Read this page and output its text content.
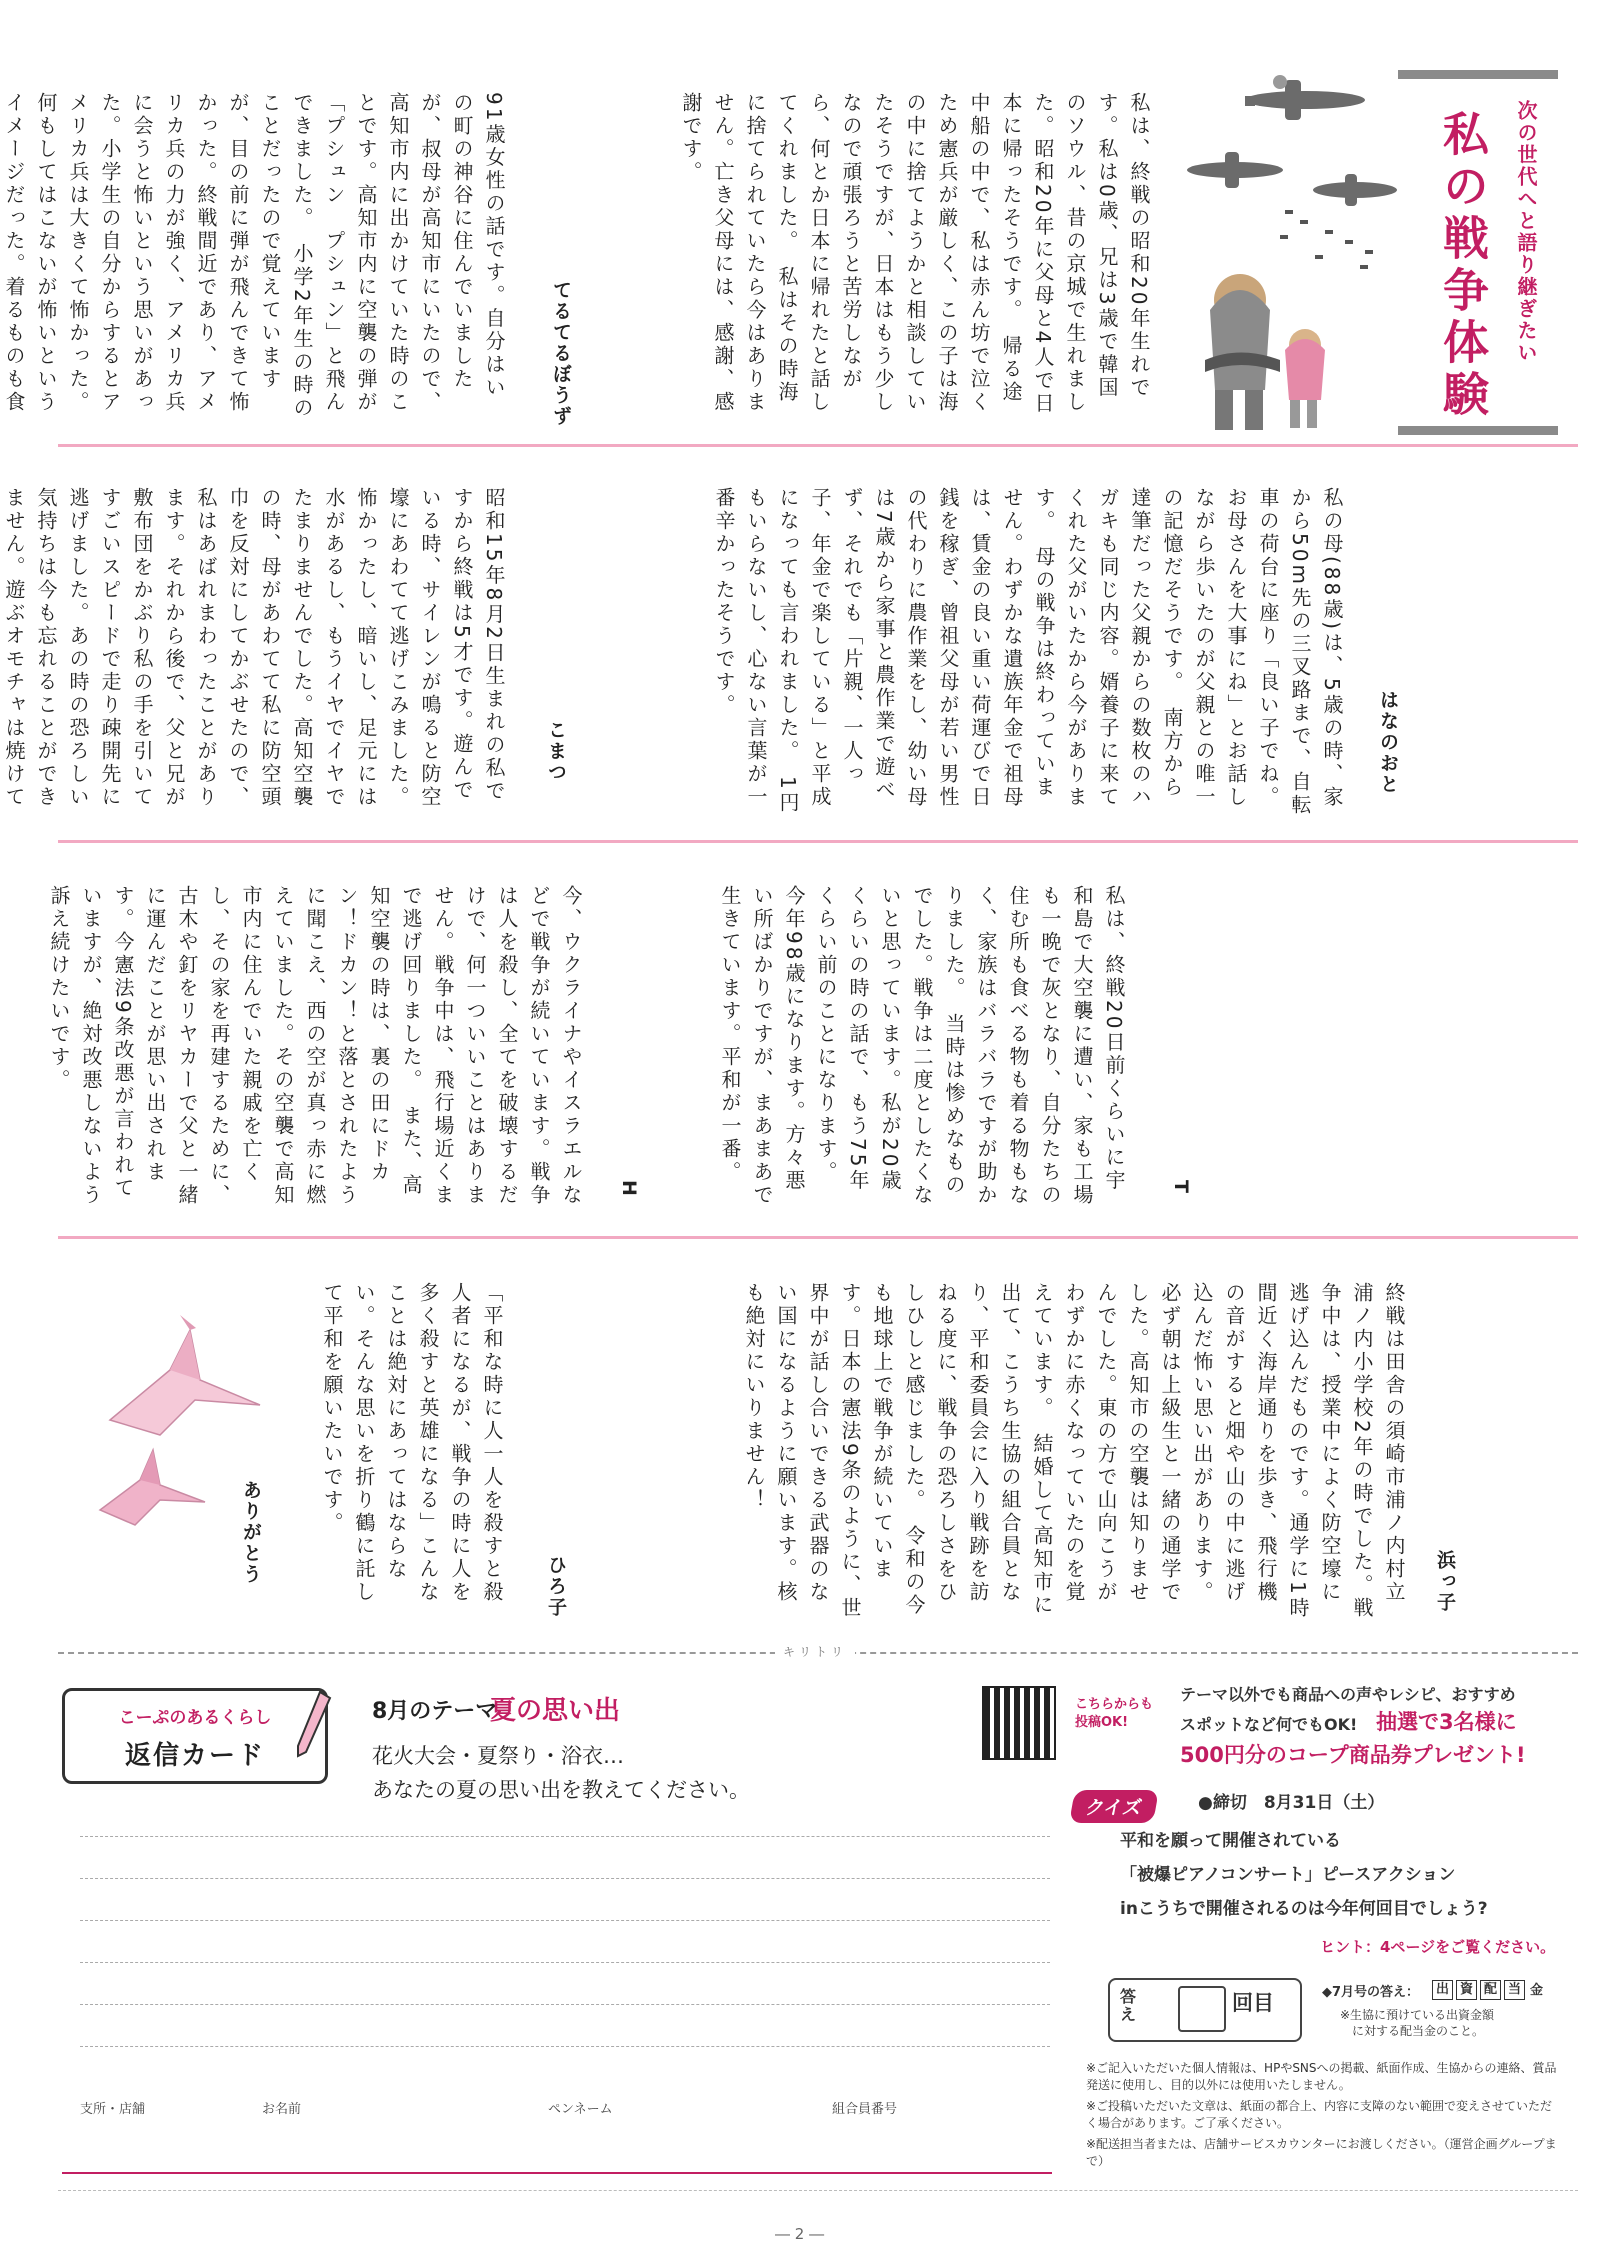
次の世代へと語り継ぎたい
私の戦争体験
私は、終戦の昭和20年生れです。私は0歳、兄は3歳で韓国のソウル、昔の京城で生れました。昭和20年に父母と4人で日本に帰ったそうです。　帰る途中船の中で、私は赤ん坊で泣くため憲兵が厳しく、この子は海の中に捨てようかと相談していたそうですが、日本はもう少しなので頑張ろうと苦労しながら、何とか日本に帰れたと話してくれました。　私はその時海に捨てられていたら今はありません。亡き父母には、感謝、感謝です。
てるてるぼうず
91歳女性の話です。自分はいの町の神谷に住んでいましたが、叔母が高知市にいたので、高知市内に出かけていた時のことです。高知市内に空襲の弾が「プシュン　プシュン」と飛んできました。　小学2年生の時のことだったので覚えていますが、目の前に弾が飛んできて怖かった。終戦間近であり、アメリカ兵の力が強く、アメリカ兵に会うと怖いという思いがあった。小学生の自分からするとアメリカ兵は大きくて怖かった。何もしてはこないが怖いというイメージだった。着るものも食
はなのおと
私の母(88歳)は、5歳の時、家から50m先の三叉路まで、自転車の荷台に座り「良い子でね。お母さんを大事にね」とお話しながら歩いたのが父親との唯一の記憶だそうです。　南方から達筆だった父親からの数枚のハガキも同じ内容。婿養子に来てくれた父がいたから今があります。　母の戦争は終わっていません。わずかな遺族年金で祖母は、賃金の良い重い荷運びで日銭を稼ぎ、曾祖父母が若い男性の代わりに農作業をし、幼い母は7歳から家事と農作業で遊べず、それでも「片親、一人っ子、年金で楽している」と平成になっても言われました。　1円もいらないし、心ない言葉が一番辛かったそうです。
こまつ
昭和15年8月2日生まれの私ですから終戦は5才です。遊んでいる時、サイレンが鳴ると防空壕にあわてて逃げこみました。怖かったし、暗いし、足元には水があるし、もうイヤでイヤでたまりませんでした。高知空襲の時、母があわてて私に防空頭巾を反対にしてかぶせたので、私はあばれまわったことがあります。それから後で、父と兄が敷布団をかぶり私の手を引いてすごいスピードで走り疎開先に逃げました。あの時の恐ろしい気持ちは今も忘れることができません。遊ぶオモチャは焼けて
T
私は、終戦20日前くらいに宇和島で大空襲に遭い、家も工場も一晩で灰となり、自分たちの住む所も食べる物も着る物もなく、家族はバラバラですが助かりました。　当時は惨めなものでした。戦争は二度としたくないと思っています。私が20歳くらいの時の話で、もう75年くらい前のことになります。　今年98歳になります。方々悪い所ばかりですが、まあまあで生きています。平和が一番。
H
今、ウクライナやイスラエルなどで戦争が続いています。戦争は人を殺し、全てを破壊するだけで、何一ついいことはありません。戦争中は、飛行場近くまで逃げ回りました。　また、高知空襲の時は、裏の田にドカン！ドカン！と落とされたように聞こえ、西の空が真っ赤に燃えていました。その空襲で高知市内に住んでいた親戚を亡くし、その家を再建するために、古木や釘をリヤカーで父と一緒に運んだことが思い出されます。今憲法9条改悪が言われていますが、絶対改悪しないよう訴え続けたいです。
浜っ子
終戦は田舎の須崎市浦ノ内村立浦ノ内小学校2年の時でした。戦争中は、授業中によく防空壕に逃げ込んだものです。通学に1時間近く海岸通りを歩き、飛行機の音がすると畑や山の中に逃げ込んだ怖い思い出があります。　必ず朝は上級生と一緒の通学でした。高知市の空襲は知りませんでした。東の方で山向こうがわずかに赤くなっていたのを覚えています。　結婚して高知市に出て、こうち生協の組合員となり、平和委員会に入り戦跡を訪ねる度に、戦争の恐ろしさをひしひしと感じました。　令和の今も地球上で戦争が続いています。日本の憲法9条のように、世界中が話し合いできる武器のない国になるように願います。核も絶対にいりません！
ひろ子
「平和な時に人一人を殺すと殺人者になるが、戦争の時に人を多く殺すと英雄になる」こんなことは絶対にあってはならない。そんな思いを折り鶴に託して平和を願いたいです。
ありがとう
キリトリ
こーぷのあるくらし
返信カード
8月のテーマ
夏の思い出
花火大会・夏祭り・浴衣…
あなたの夏の思い出を教えてください。
支所・店舗	お名前	ペンネーム	組合員番号
こちらからも投稿OK!
テーマ以外でも商品への声やレシピ、おすすめ
スポットなど何でもOK! 抽選で3名様に
500円分のコープ商品券プレゼント!
クイズ	●締切　8月31日（土）
平和を願って開催されている
「被爆ピアノコンサート」ピースアクション
inこうちで開催されるのは今年何回目でしょう?
ヒント：4ページをご覧ください。
答え	回目	◆7月号の答え：	出 資 配 当 金
※生協に預けている出資金額
に対する配当金のこと。
※ご記入いただいた個人情報は、HPやSNSへの掲載、紙面作成、生協からの連絡、賞品発送に使用し、目的以外には使用いたしません。
※ご投稿いただいた文章は、紙面の都合上、内容に支障のない範囲で変えさせていただく場合があります。ご了承ください。
※配送担当者または、店舗サービスカウンターにお渡しください。（運営企画グループまで）
― 2 ―
